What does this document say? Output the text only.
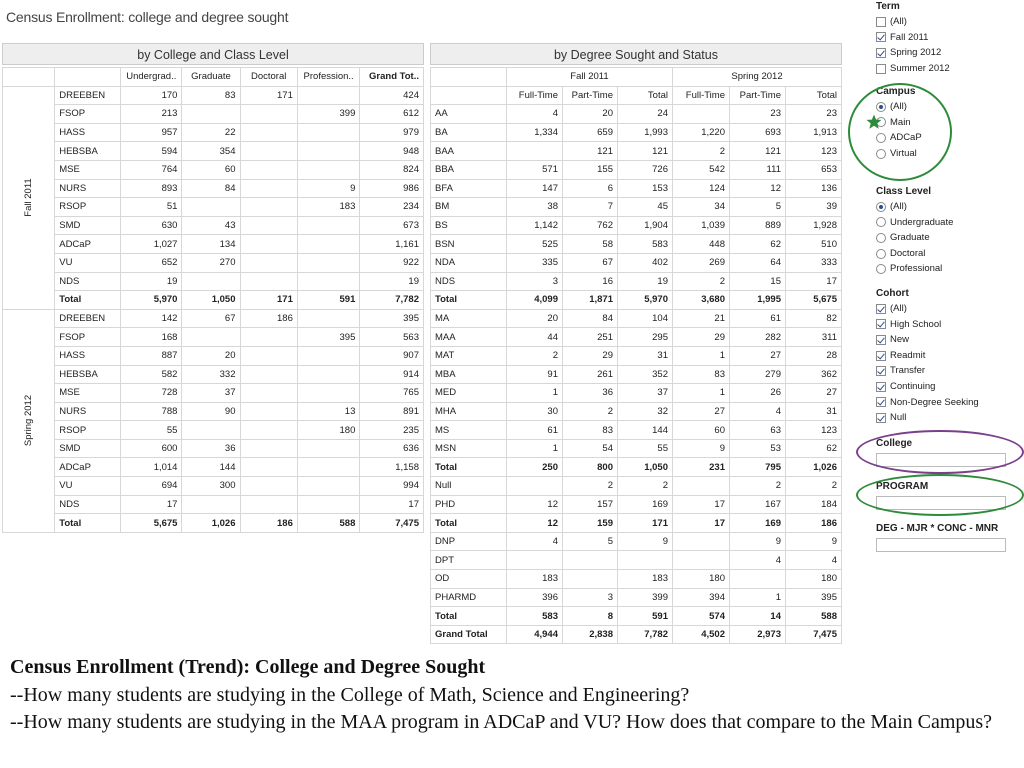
Census Enrollment: college and degree sought
by College and Class Level
		Undergrad..	Graduate	Doctoral	Profession..	Grand Tot..

Fall 2011	DREEBEN	170	83	171		424
	FSOP	213			399	612
	HASS	957	22			979
	HEBSBA	594	354			948
	MSE	764	60			824
	NURS	893	84		9	986
	RSOP	51			183	234
	SMD	630	43			673
	ADCaP	1,027	134			1,161
	VU	652	270			922
	NDS	19				19
	Total	5,970	1,050	171	591	7,782

Spring 2012	DREEBEN	142	67	186		395
	FSOP	168			395	563
	HASS	887	20			907
	HEBSBA	582	332			914
	MSE	728	37			765
	NURS	788	90		13	891
	RSOP	55			180	235
	SMD	600	36			636
	ADCaP	1,014	144			1,158
	VU	694	300			994
	NDS	17				17
	Total	5,675	1,026	186	588	7,475
by Degree Sought and Status
	Fall 2011			Spring 2012		
	Full-Time	Part-Time	Total	Full-Time	Part-Time	Total
AA	4	20	24		23	23
BA	1,334	659	1,993	1,220	693	1,913
BAA		121	121	2	121	123
BBA	571	155	726	542	111	653
BFA	147	6	153	124	12	136
BM	38	7	45	34	5	39
BS	1,142	762	1,904	1,039	889	1,928
BSN	525	58	583	448	62	510
NDA	335	67	402	269	64	333
NDS	3	16	19	2	15	17
Total	4,099	1,871	5,970	3,680	1,995	5,675
MA	20	84	104	21	61	82
MAA	44	251	295	29	282	311
MAT	2	29	31	1	27	28
MBA	91	261	352	83	279	362
MED	1	36	37	1	26	27
MHA	30	2	32	27	4	31
MS	61	83	144	60	63	123
MSN	1	54	55	9	53	62
Total	250	800	1,050	231	795	1,026
Null		2	2		2	2
PHD	12	157	169	17	167	184
Total	12	159	171	17	169	186
DNP	4	5	9		9	9
DPT					4	4
OD	183		183	180		180
PHARMD	396	3	399	394	1	395
Total	583	8	591	574	14	588
Grand Total	4,944	2,838	7,782	4,502	2,973	7,475
Term
(All)
Fall 2011
Spring 2012
Summer 2012
Campus
(All)
Main
ADCaP
Virtual
Class Level
(All)
Undergraduate
Graduate
Doctoral
Professional
Cohort
(All)
High School
New
Readmit
Transfer
Continuing
Non-Degree Seeking
Null
College
PROGRAM
DEG - MJR * CONC - MNR
Census Enrollment (Trend): College and Degree Sought
--How many students are studying in the College of Math, Science and Engineering?
--How many students are studying in the MAA program in ADCaP and VU? How does that compare to the Main Campus?
